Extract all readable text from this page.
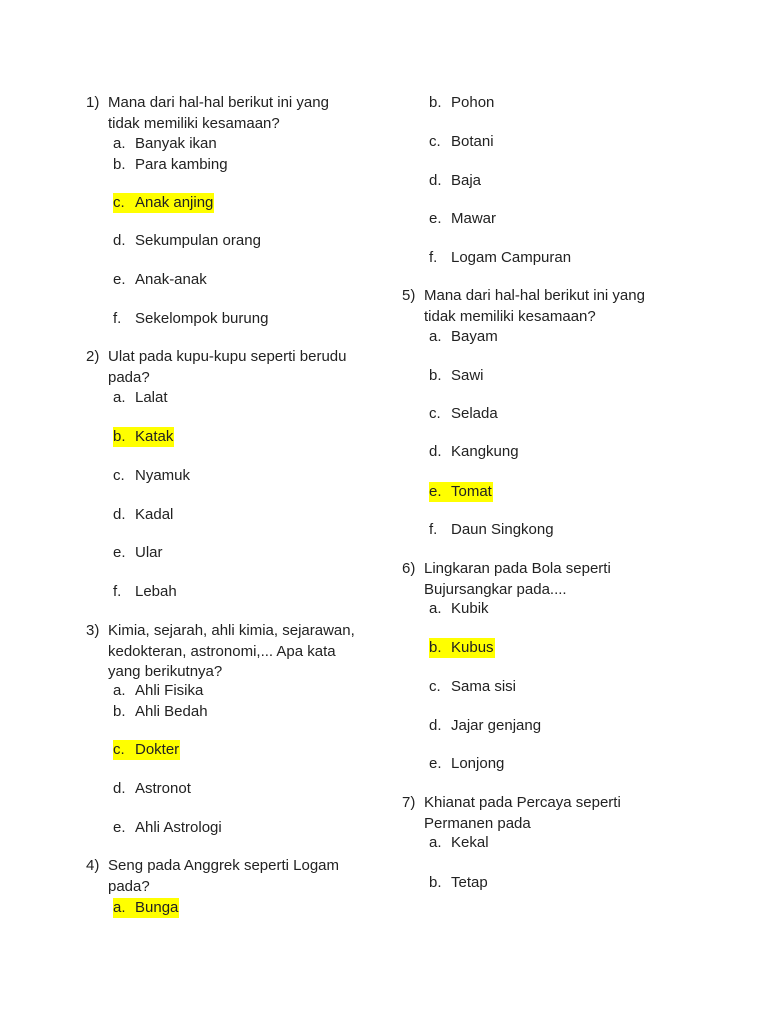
1) Mana dari hal-hal berikut ini yang tidak memiliki kesamaan?
a. Banyak ikan
b. Para kambing
c. Anak anjing
d. Sekumpulan orang
e. Anak-anak
f. Sekelompok burung
2) Ulat pada kupu-kupu seperti berudu pada?
a. Lalat
b. Katak
c. Nyamuk
d. Kadal
e. Ular
f. Lebah
3) Kimia, sejarah, ahli kimia, sejarawan, kedokteran, astronomi,... Apa kata yang berikutnya?
a. Ahli Fisika
b. Ahli Bedah
c. Dokter
d. Astronot
e. Ahli Astrologi
4) Seng pada Anggrek seperti Logam pada?
a. Bunga
b. Pohon
c. Botani
d. Baja
e. Mawar
f. Logam Campuran
5) Mana dari hal-hal berikut ini yang tidak memiliki kesamaan?
a. Bayam
b. Sawi
c. Selada
d. Kangkung
e. Tomat
f. Daun Singkong
6) Lingkaran pada Bola seperti Bujursangkar pada....
a. Kubik
b. Kubus
c. Sama sisi
d. Jajar genjang
e. Lonjong
7) Khianat pada Percaya seperti Permanen pada
a. Kekal
b. Tetap
